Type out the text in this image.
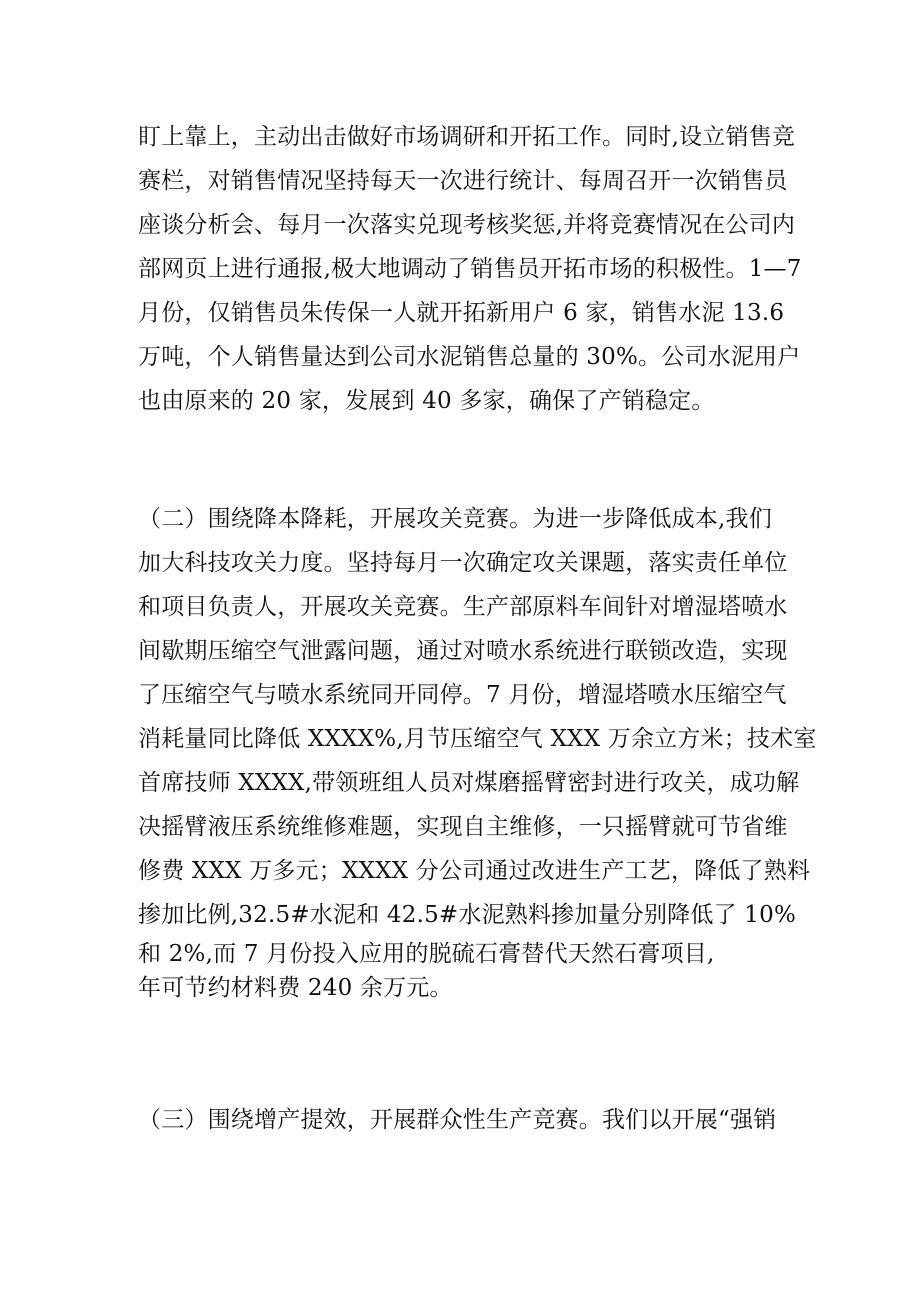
盯上靠上，主动出击做好市场调研和开拓工作。同时,设立销售竞
赛栏，对销售情况坚持每天一次进行统计、每周召开一次销售员
座谈分析会、每月一次落实兑现考核奖惩,并将竞赛情况在公司内
部网页上进行通报,极大地调动了销售员开拓市场的积极性。1—7
月份，仅销售员朱传保一人就开拓新用户 6 家，销售水泥 13.6
万吨，个人销售量达到公司水泥销售总量的 30%。公司水泥用户
也由原来的 20 家，发展到 40 多家，确保了产销稳定。
（二）围绕降本降耗，开展攻关竞赛。为进一步降低成本,我们
加大科技攻关力度。坚持每月一次确定攻关课题，落实责任单位
和项目负责人，开展攻关竞赛。生产部原料车间针对增湿塔喷水
间歇期压缩空气泄露问题，通过对喷水系统进行联锁改造，实现
了压缩空气与喷水系统同开同停。7 月份，增湿塔喷水压缩空气
消耗量同比降低 XXXX%,月节压缩空气 XXX 万余立方米；技术室
首席技师 XXXX,带领班组人员对煤磨摇臂密封进行攻关，成功解
决摇臂液压系统维修难题，实现自主维修，一只摇臂就可节省维
修费 XXX 万多元；XXXX 分公司通过改进生产工艺，降低了熟料
掺加比例,32.5#水泥和 42.5#水泥熟料掺加量分别降低了 10%
和 2%,而 7 月份投入应用的脱硫石膏替代天然石膏项目,
年可节约材料费 240 余万元。
（三）围绕增产提效，开展群众性生产竞赛。我们以开展“强销
